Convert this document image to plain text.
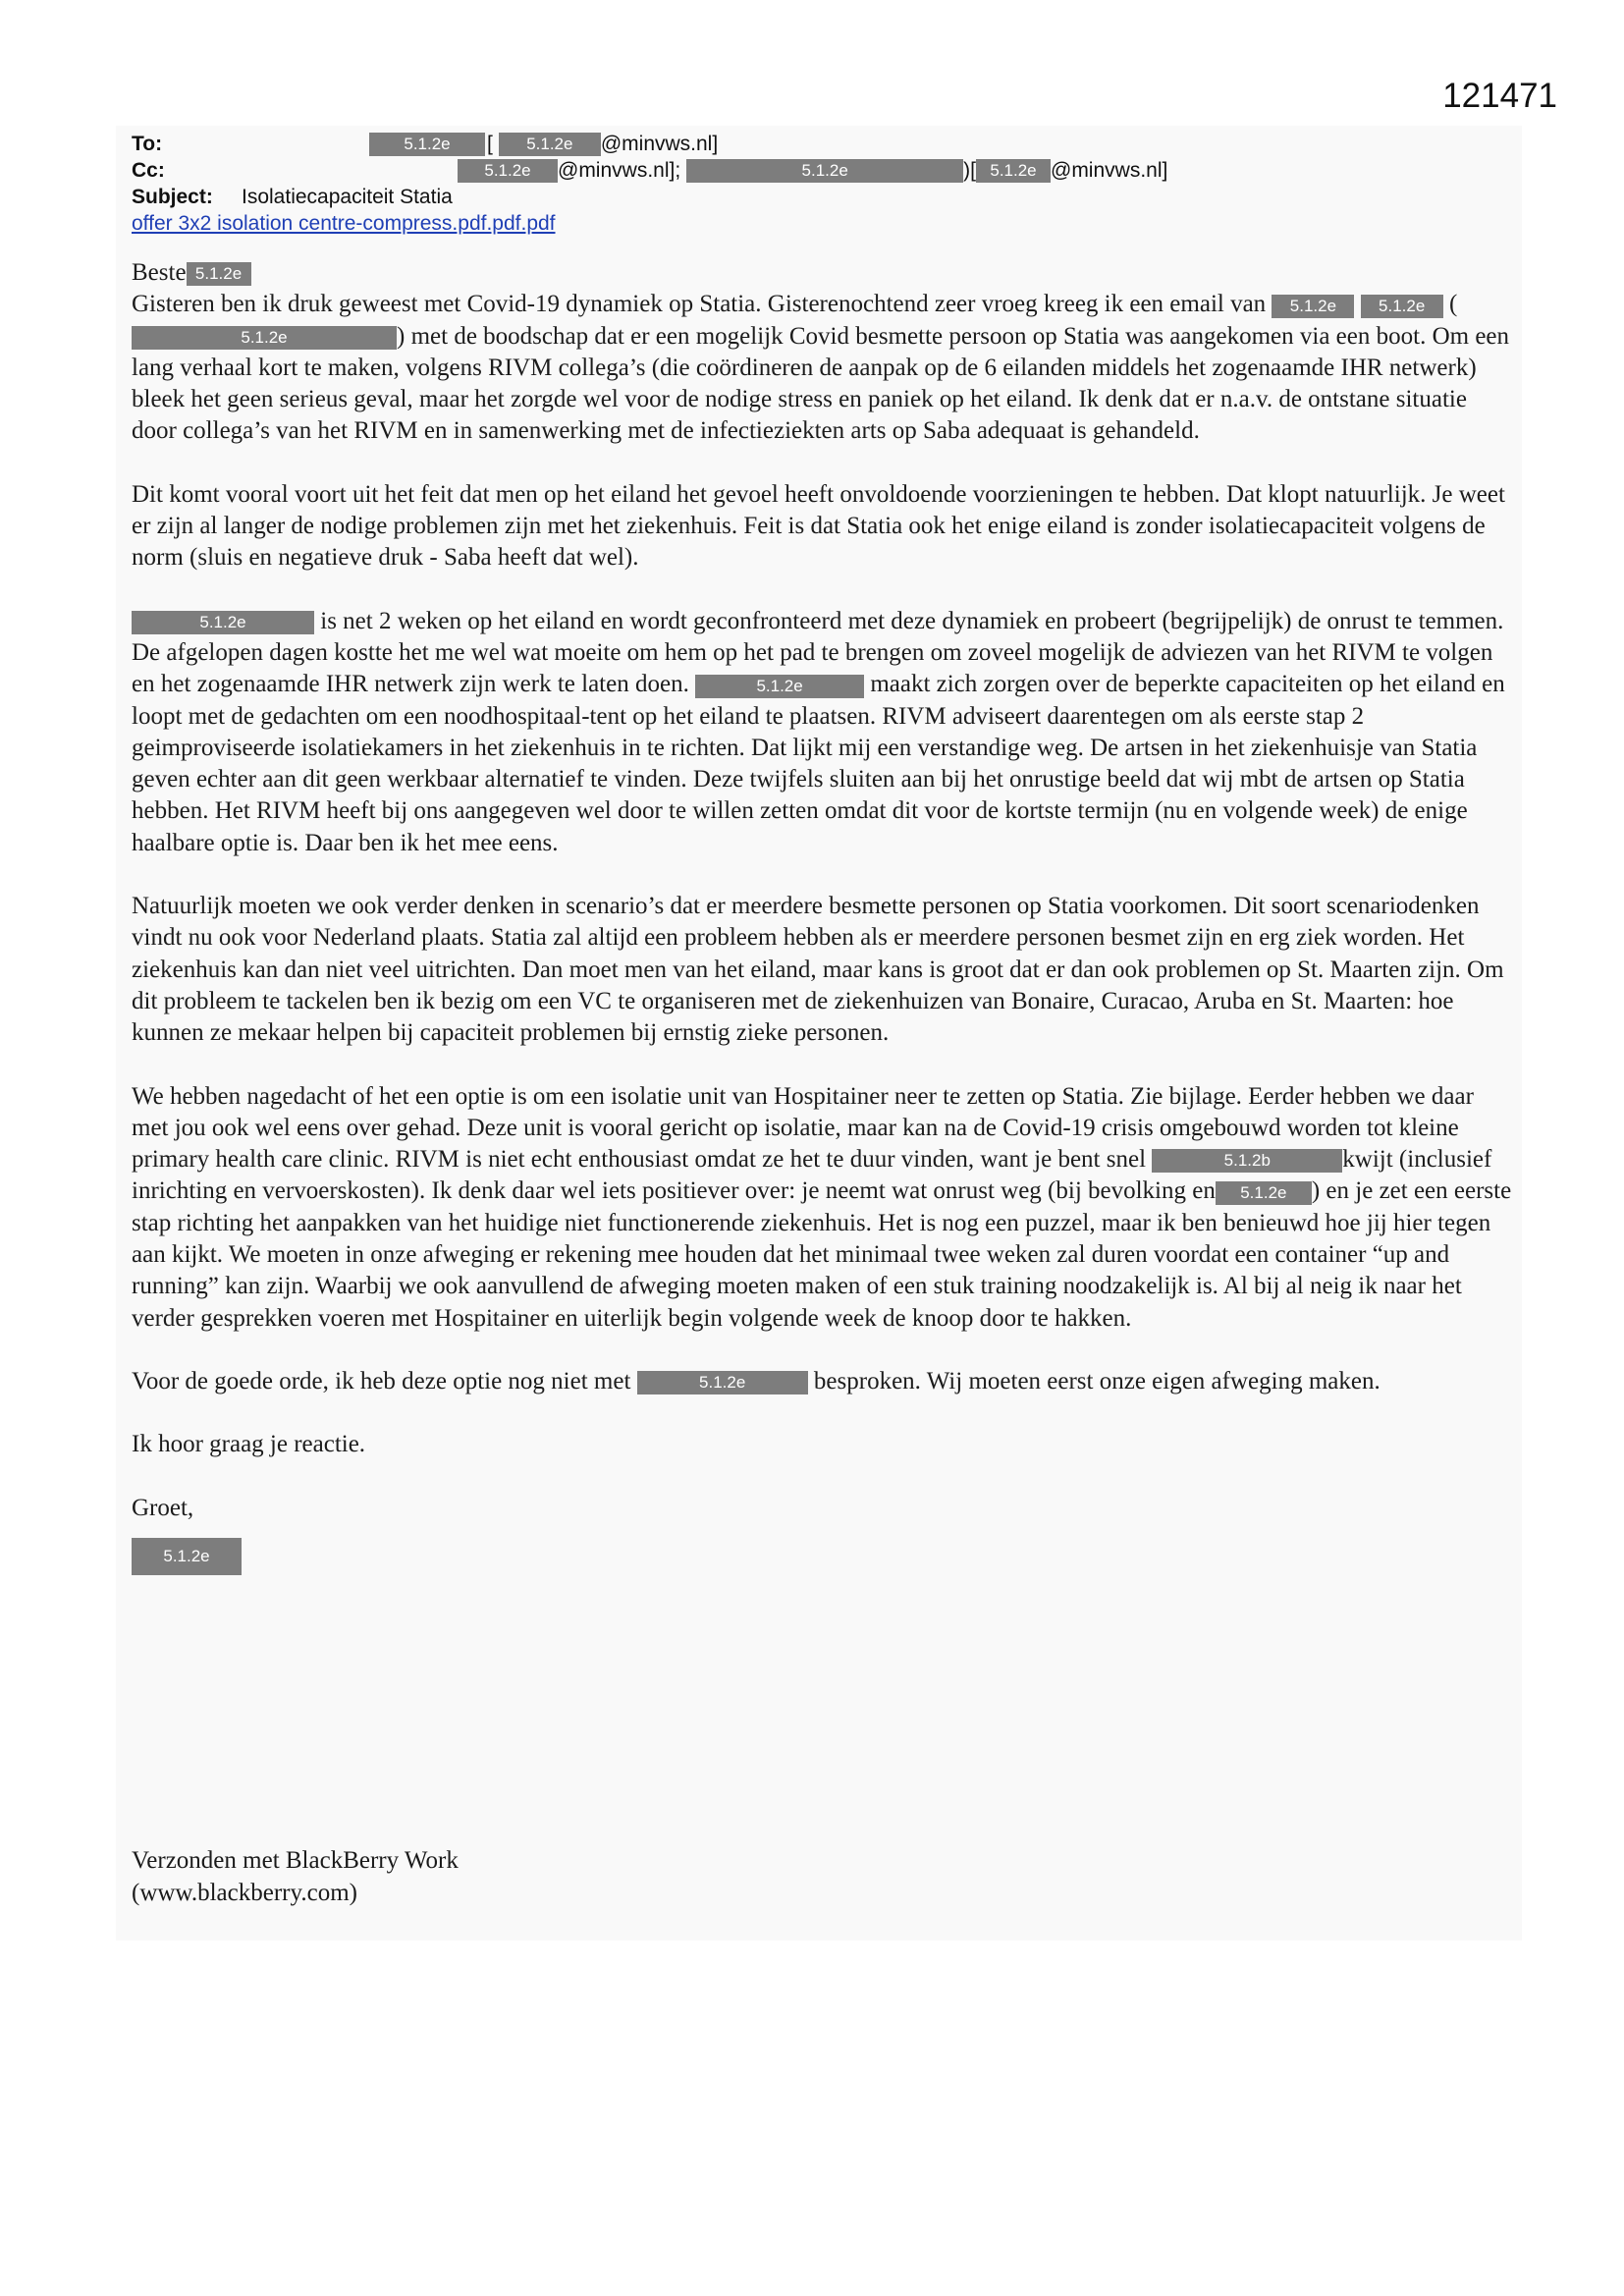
121471
To:	5.1.2e	[	5.1.2e	@minvws.nl]
Cc:	5.1.2e	@minvws.nl];	5.1.2e	)[ 5.1.2e @minvws.nl]
Subject:	Isolatiecapaciteit Statia
offer 3x2 isolation centre-compress.pdf.pdf.pdf

Beste 5.1.2e
Gisteren ben ik druk geweest met Covid-19 dynamiek op Statia. Gisterenochtend zeer vroeg kreeg ik een email van 5.1.2e	5.1.2e (5.1.2e	) met de boodschap dat er een mogelijk Covid besmette persoon op Statia was aangekomen via een boot. Om een lang verhaal kort te maken, volgens RIVM collega’s (die coördineren de aanpak op de 6 eilanden middels het zogenaamde IHR netwerk) bleek het geen serieus geval, maar het zorgde wel voor de nodige stress en paniek op het eiland. Ik denk dat er n.a.v. de ontstane situatie door collega’s van het RIVM en in samenwerking met de infectieziekten arts op Saba adequaat is gehandeld.

Dit komt vooral voort uit het feit dat men op het eiland het gevoel heeft onvoldoende voorzieningen te hebben. Dat klopt natuurlijk. Je weet er zijn al langer de nodige problemen zijn met het ziekenhuis. Feit is dat Statia ook het enige eiland is zonder isolatiecapaciteit volgens de norm (sluis en negatieve druk - Saba heeft dat wel).

5.1.2e	is net 2 weken op het eiland en wordt geconfronteerd met deze dynamiek en probeert (begrijpelijk) de onrust te temmen. De afgelopen dagen kostte het me wel wat moeite om hem op het pad te brengen om zoveel mogelijk de adviezen van het RIVM te volgen en het zogenaamde IHR netwerk zijn werk te laten doen.	5.1.2e	maakt zich zorgen over de beperkte capaciteiten op het eiland en loopt met de gedachten om een noodhospitaal-tent op het eiland te plaatsen. RIVM adviseert daarentegen om als eerste stap 2 geimproviseerde isolatiekamers in het ziekenhuis in te richten. Dat lijkt mij een verstandige weg. De artsen in het ziekenhuisje van Statia geven echter aan dit geen werkbaar alternatief te vinden. Deze twijfels sluiten aan bij het onrustige beeld dat wij mbt de artsen op Statia hebben. Het RIVM heeft bij ons aangegeven wel door te willen zetten omdat dit voor de kortste termijn (nu en volgende week) de enige haalbare optie is. Daar ben ik het mee eens.

Natuurlijk moeten we ook verder denken in scenario’s dat er meerdere besmette personen op Statia voorkomen. Dit soort scenariodenken vindt nu ook voor Nederland plaats. Statia zal altijd een probleem hebben als er meerdere personen besmet zijn en erg ziek worden. Het ziekenhuis kan dan niet veel uitrichten. Dan moet men van het eiland, maar kans is groot dat er dan ook problemen op St. Maarten zijn. Om dit probleem te tackelen ben ik bezig om een VC te organiseren met de ziekenhuizen van Bonaire, Curacao, Aruba en St. Maarten: hoe kunnen ze mekaar helpen bij capaciteit problemen bij ernstig zieke personen.

We hebben nagedacht of het een optie is om een isolatie unit van Hospitainer neer te zetten op Statia. Zie bijlage. Eerder hebben we daar met jou ook wel eens over gehad. Deze unit is vooral gericht op isolatie, maar kan na de Covid-19 crisis omgebouwd worden tot kleine primary health care clinic. RIVM is niet echt enthousiast omdat ze het te duur vinden, want je bent snel	5.1.2b	kwijt (inclusief inrichting en vervoerskosten). Ik denk daar wel iets positiever over: je neemt wat onrust weg (bij bevolking en 5.1.2e ) en je zet een eerste stap richting het aanpakken van het huidige niet functionerende ziekenhuis. Het is nog een puzzel, maar ik ben benieuwd hoe jij hier tegen aan kijkt. We moeten in onze afweging er rekening mee houden dat het minimaal twee weken zal duren voordat een container “up and running” kan zijn. Waarbij we ook aanvullend de afweging moeten maken of een stuk training noodzakelijk is. Al bij al neig ik naar het verder gesprekken voeren met Hospitainer en uiterlijk begin volgende week de knoop door te hakken.

Voor de goede orde, ik heb deze optie nog niet met	5.1.2e	besproken. Wij moeten eerst onze eigen afweging maken.

Ik hoor graag je reactie.

Groet,

5.1.2e
Verzonden met BlackBerry Work
(www.blackberry.com)
